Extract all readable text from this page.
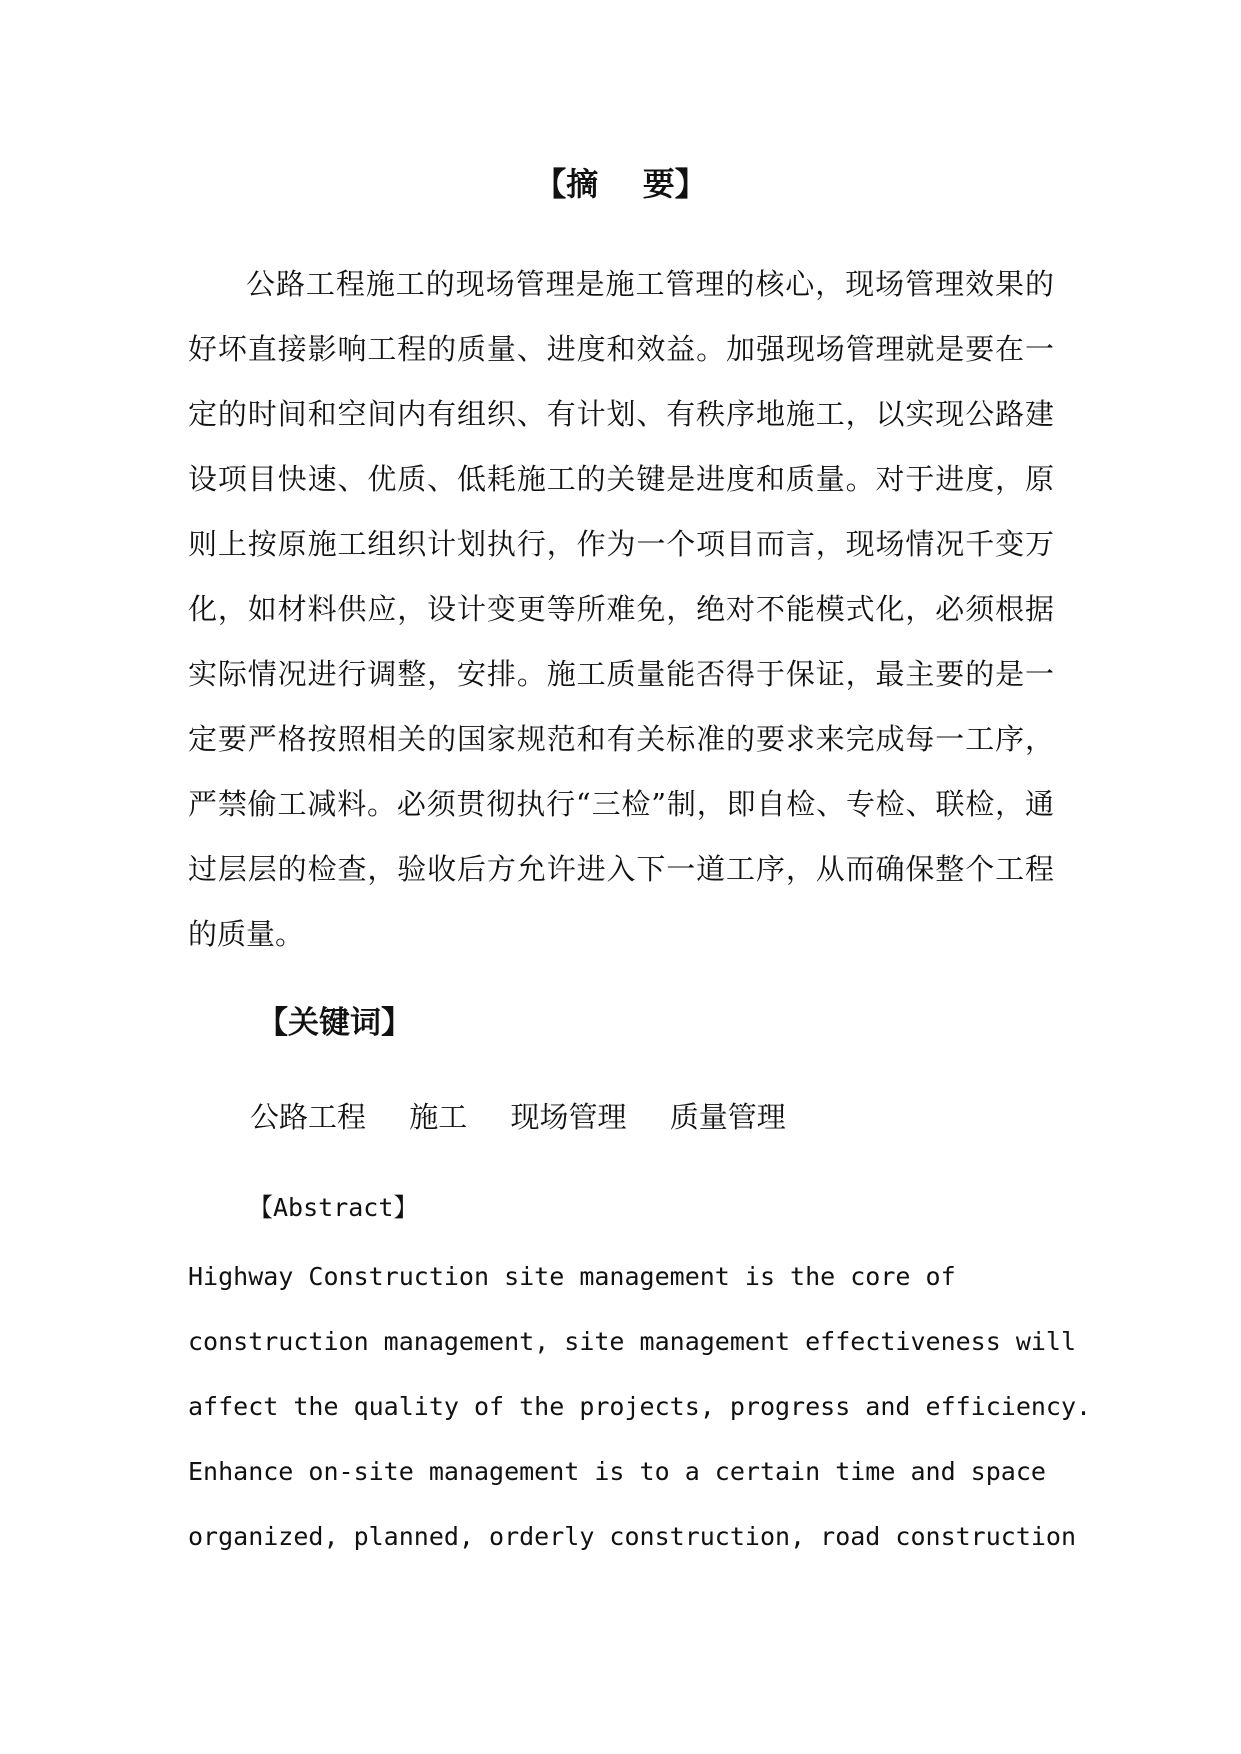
【摘    要】

公路工程施工的现场管理是施工管理的核心，现场管理效果的好坏直接影响工程的质量、进度和效益。加强现场管理就是要在一定的时间和空间内有组织、有计划、有秩序地施工，以实现公路建设项目快速、优质、低耗施工的关键是进度和质量。对于进度，原则上按原施工组织计划执行，作为一个项目而言，现场情况千变万化，如材料供应，设计变更等所难免，绝对不能模式化，必须根据实际情况进行调整，安排。施工质量能否得于保证，最主要的是一定要严格按照相关的国家规范和有关标准的要求来完成每一工序，严禁偷工减料。必须贯彻执行“三检”制，即自检、专检、联检，通过层层的检查，验收后方允许进入下一道工序，从而确保整个工程的质量。

【关键词】
公路工程 施工 现场管理 质量管理
【Abstract】
Highway Construction site management is the core of
construction management, site management effectiveness will
affect the quality of the projects, progress and efficiency.
Enhance on-site management is to a certain time and space
organized, planned, orderly construction, road construction
